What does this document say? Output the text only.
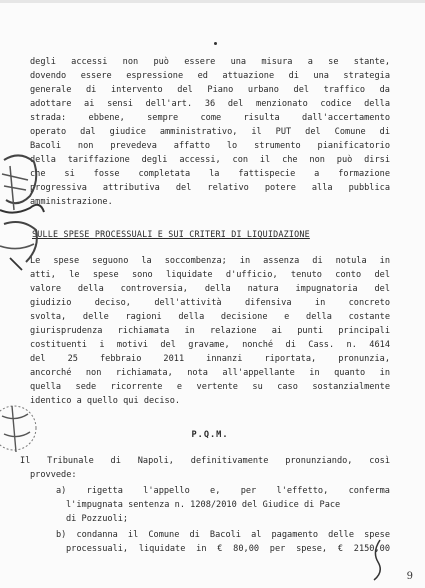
degli accessi non può essere una misura a se stante,
dovendo essere espressione ed attuazione di una strategia
generale di intervento del Piano urbano del traffico da
adottare ai sensi dell'art. 36 del menzionato codice della
strada: ebbene, sempre come risulta dall'accertamento
operato dal giudice amministrativo, il PUT del Comune di
Bacoli non prevedeva affatto lo strumento pianificatorio
della tariffazione degli accessi, con il che non può dirsi
che si fosse completata la fattispecie a formazione
progressiva attributiva del relativo potere alla pubblica
amministrazione.
SULLE SPESE PROCESSUALI E SUI CRITERI DI LIQUIDAZIONE
Le spese seguono la soccombenza; in assenza di notula in
atti, le spese sono liquidate d'ufficio, tenuto conto del
valore della controversia, della natura impugnatoria del
giudizio deciso, dell'attività difensiva in concreto
svolta, delle ragioni della decisione e della costante
giurisprudenza richiamata in relazione ai punti principali
costituenti i motivi del gravame, nonché di Cass. n. 4614
del 25 febbraio 2011 innanzi riportata, pronunzia,
ancorché non richiamata, nota all'appellante in quanto in
quella sede ricorrente e vertente su caso sostanzialmente
identico a quello qui deciso.
P.Q.M.
Il Tribunale di Napoli, definitivamente pronunziando, così
provvede:
a) rigetta l'appello e, per l'effetto, conferma
l'impugnata sentenza n. 1208/2010 del Giudice di Pace
di Pozzuoli;
b) condanna il Comune di Bacoli al pagamento delle spese
processuali, liquidate in € 80,00 per spese, € 2150,00
9
